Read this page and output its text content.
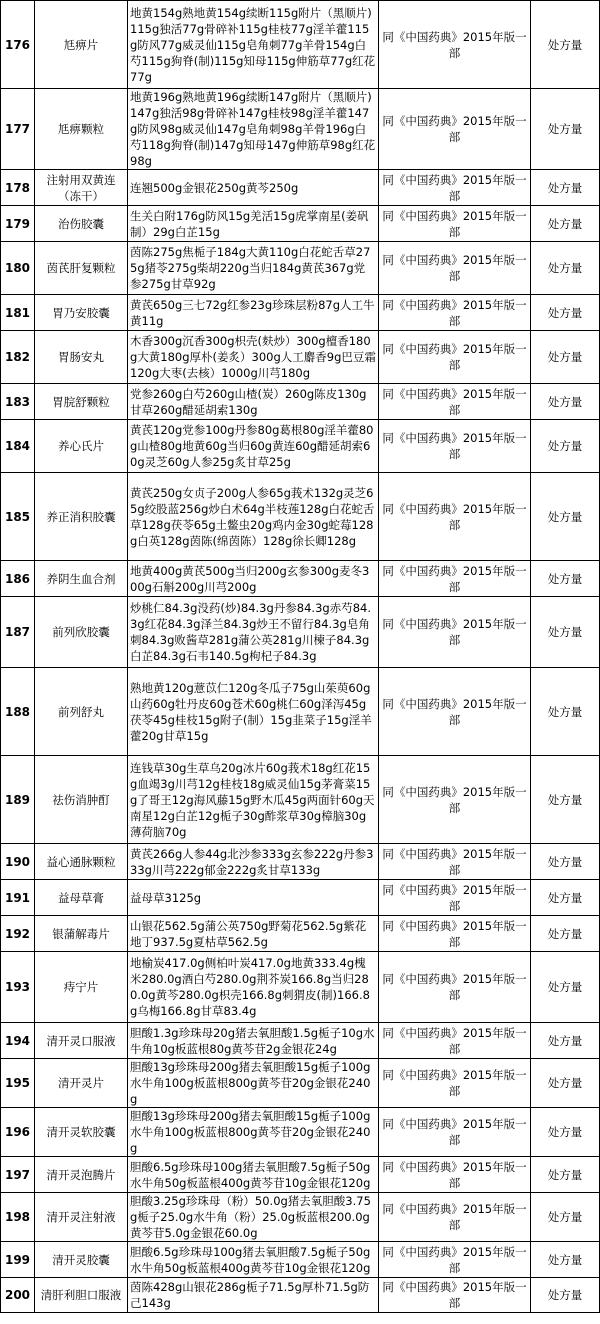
176	尪痹片	地黄154g熟地黄154g续断115g附片（黑顺片)115g独活77g骨碎补115g桂枝77g淫羊藿115g防风77g威灵仙115g皂角刺77g羊骨154g白芍115g狗脊(制)115g知母115g伸筋草77g红花77g	同《中国药典》2015年版一部	处方量
177	尪痹颗粒	地黄196g熟地黄196g续断147g附片（黑顺片)147g独活98g骨碎补147g桂枝98g淫羊藿147g防风98g威灵仙147g皂角刺98g羊骨196g白芍118g狗脊(制)147g知母147g伸筋草98g红花98g	同《中国药典》2015年版一部	处方量
178	注射用双黄连（冻干）	连翘500g金银花250g黄芩250g	同《中国药典》2015年版一部	处方量
179	治伤胶囊	生关白附176g防风15g羌活15g虎掌南星(姜矾制）29g白芷15g	同《中国药典》2015年版一部	处方量
180	茵芪肝复颗粒	茵陈275g焦栀子184g大黄110g白花蛇舌草275g猪苓275g柴胡220g当归184g黄芪367g党参275g甘草92g	同《中国药典》2015年版一部	处方量
181	胃乃安胶囊	黄芪650g三七72g红参23g珍珠层粉87g人工牛黄11g	同《中国药典》2015年版一部	处方量
182	胃肠安丸	木香300g沉香300g枳壳(麸炒）300g檀香180g大黄180g厚朴(姜炙）300g人工麝香9g巴豆霜120g大枣(去核）1000g川芎180g	同《中国药典》2015年版一部	处方量
183	胃脘舒颗粒	党参260g白芍260g山楂(炭）260g陈皮130g甘草260g醋延胡索130g	同《中国药典》2015年版一部	处方量
184	养心氏片	黄芪120g党参100g丹参80g葛根80g淫羊藿80g山楂80g地黄60g当归60g黄连60g醋延胡索60g灵芝60g人参25g炙甘草25g	同《中国药典》2015年版一部	处方量
185	养正消积胶囊	黄芪250g女贞子200g人参65g莪术132g灵芝65g绞股蓝256g炒白术64g半枝莲128g白花蛇舌草128g茯苓65g土鳖虫20g鸡内金30g蛇莓128g白英128g茵陈(绵茵陈）128g徐长卿128g	同《中国药典》2015年版一部	处方量
186	养阴生血合剂	地黄400g黄芪500g当归200g玄参300g麦冬300g石斛200g川芎200g	同《中国药典》2015年版一部	处方量
187	前列欣胶囊	炒桃仁84.3g没药(炒)84.3g丹参84.3g赤芍84.3g红花84.3g泽兰84.3g炒王不留行84.3g皂角刺84.3g败酱草281g蒲公英281g川楝子84.3g白芷84.3g石韦140.5g枸杞子84.3g	同《中国药典》2015年版一部	处方量
188	前列舒丸	熟地黄120g薏苡仁120g冬瓜子75g山茱萸60g山药60g牡丹皮60g苍术60g桃仁60g泽泻45g茯苓45g桂枝15g附子(制）15g韭菜子15g淫羊藿20g甘草15g	同《中国药典》2015年版一部	处方量
189	祛伤消肿酊	连钱草30g生草乌20g冰片60g莪术18g红花15g血竭3g川芎12g桂枝18g威灵仙15g茅膏菜15g了哥王12g海风藤15g野木瓜45g两面针60g天南星12g白芷12g栀子30g酢浆草30g樟脑30g薄荷脑70g	同《中国药典》2015年版一部	处方量
190	益心通脉颗粒	黄芪266g人参44g北沙参333g玄参222g丹参333g川芎222g郁金222g炙甘草133g	同《中国药典》2015年版一部	处方量
191	益母草膏	益母草3125g	同《中国药典》2015年版一部	处方量
192	银蒲解毒片	山银花562.5g蒲公英750g野菊花562.5g紫花地丁937.5g夏枯草562.5g	同《中国药典》2015年版一部	处方量
193	痔宁片	地榆炭417.0g侧柏叶炭417.0g地黄333.4g槐米280.0g酒白芍280.0g荆芥炭166.8g当归280.0g黄芩280.0g枳壳166.8g刺猬皮(制)166.8g乌梅166.8g甘草83.4g	同《中国药典》2015年版一部	处方量
194	清开灵口服液	胆酸1.3g珍珠母20g猪去氧胆酸1.5g栀子10g水牛角10g板蓝根80g黄芩苷2g金银花24g	同《中国药典》2015年版一部	处方量
195	清开灵片	胆酸13g珍珠母200g猪去氧胆酸15g栀子100g水牛角100g板蓝根800g黄芩苷20g金银花240g	同《中国药典》2015年版一部	处方量
196	清开灵软胶囊	胆酸13g珍珠母200g猪去氧胆酸15g栀子100g水牛角100g板蓝根800g黄芩苷20g金银花240g	同《中国药典》2015年版一部	处方量
197	清开灵泡腾片	胆酸6.5g珍珠母100g猪去氧胆酸7.5g栀子50g水牛角50g板蓝根400g黄芩苷10g金银花120g	同《中国药典》2015年版一部	处方量
198	清开灵注射液	胆酸3.25g珍珠母（粉）50.0g猪去氧胆酸3.75g栀子25.0g水牛角（粉）25.0g板蓝根200.0g黄芩苷5.0g金银花60.0g	同《中国药典》2015年版一部	处方量
199	清开灵胶囊	胆酸6.5g珍珠母100g猪去氧胆酸7.5g栀子50g水牛角50g板蓝根400g黄芩苷10g金银花120g	同《中国药典》2015年版一部	处方量
200	清肝利胆口服液	茵陈428g山银花286g栀子71.5g厚朴71.5g防己143g	同《中国药典》2015年版一部	处方量
